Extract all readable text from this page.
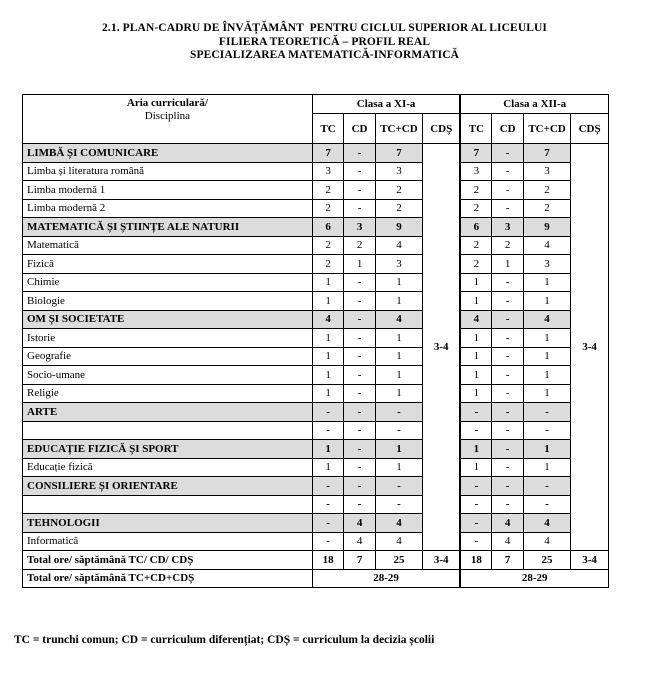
2.1. PLAN-CADRU DE ÎNVĂȚĂMÂNT  PENTRU CICLUL SUPERIOR AL LICEULUI
FILIERA TEORETICĂ – PROFIL REAL
SPECIALIZAREA MATEMATICĂ-INFORMATICĂ
Aria curriculară/
Disciplina	Clasa a XI-a				Clasa a XII-a			
	TC	CD	TC+CD	CDȘ	TC	CD	TC+CD	CDȘ
LIMBĂ ȘI COMUNICARE	7	-	7	3-4	7	-	7	3-4
Limba și literatura română	3	-	3		3	-	3	
Limba modernă 1	2	-	2		2	-	2	
Limba modernă 2	2	-	2		2	-	2	
MATEMATICĂ ȘI ȘTIINȚE ALE NATURII	6	3	9		6	3	9	
Matematică	2	2	4		2	2	4	
Fizică	2	1	3		2	1	3	
Chimie	1	-	1		1	-	1	
Biologie	1	-	1		1	-	1	
OM ȘI SOCIETATE	4	-	4		4	-	4	
Istorie	1	-	1		1	-	1	
Geografie	1	-	1		1	-	1	
Socio-umane	1	-	1		1	-	1	
Religie	1	-	1		1	-	1	
ARTE	-	-	-		-	-	-	
	-	-	-		-	-	-	
EDUCAȚIE FIZICĂ ȘI SPORT	1	-	1		1	-	1	
Educație fizică	1	-	1		1	-	1	
CONSILIERE ȘI ORIENTARE	-	-	-		-	-	-	
	-	-	-		-	-	-	
TEHNOLOGII	-	4	4		-	4	4	
Informatică	-	4	4		-	4	4	
Total ore/ săptămână TC/ CD/ CDȘ	18	7	25	3-4	18	7	25	3-4
Total ore/ săptămână TC+CD+CDȘ	28-29				28-29			
TC = trunchi comun; CD = curriculum diferențiat; CDȘ = curriculum la decizia școlii
